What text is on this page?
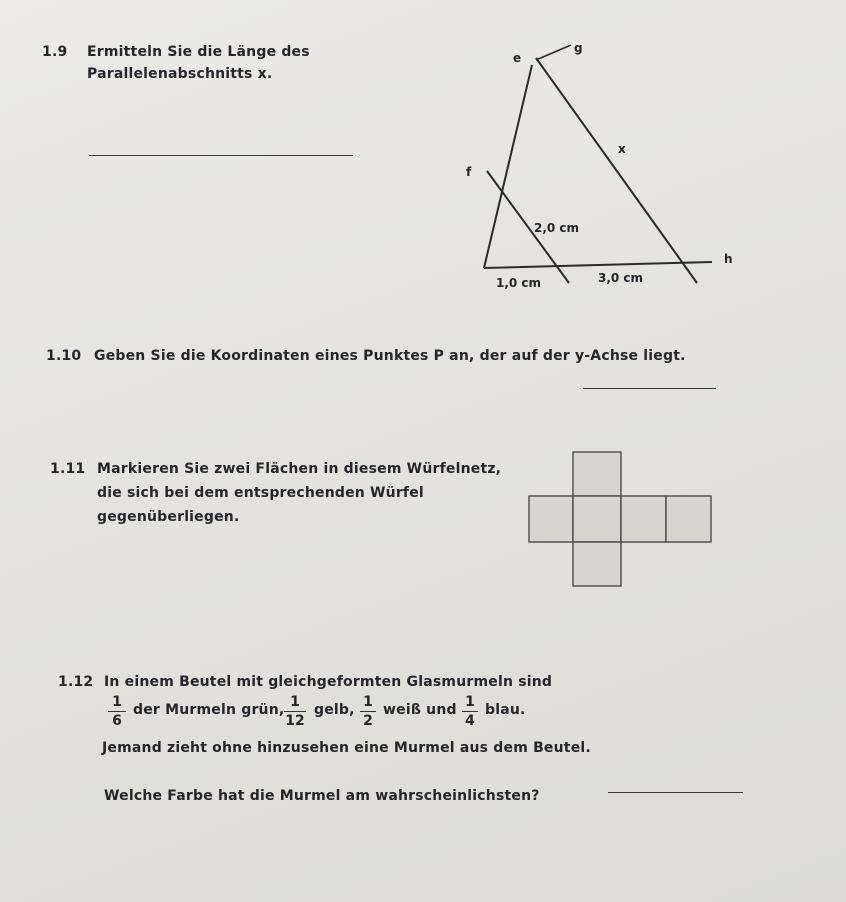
1.9 Ermitteln Sie die Länge des
Parallelenabschnitts x.
e
g
f
h
x
2,0 cm
1,0 cm	3,0 cm
1.10 Geben Sie die Koordinaten eines Punktes P an, der auf der y-Achse liegt.
1.11 Markieren Sie zwei Flächen in diesem Würfelnetz,
die sich bei dem entsprechenden Würfel
gegenüberliegen.
1.12 In einem Beutel mit gleichgeformten Glasmurmeln sind
1
6
der Murmeln grün, 1
12
gelb, 1
2
weiß und 1
4
blau.
Jemand zieht ohne hinzusehen eine Murmel aus dem Beutel.
Welche Farbe hat die Murmel am wahrscheinlichsten?
